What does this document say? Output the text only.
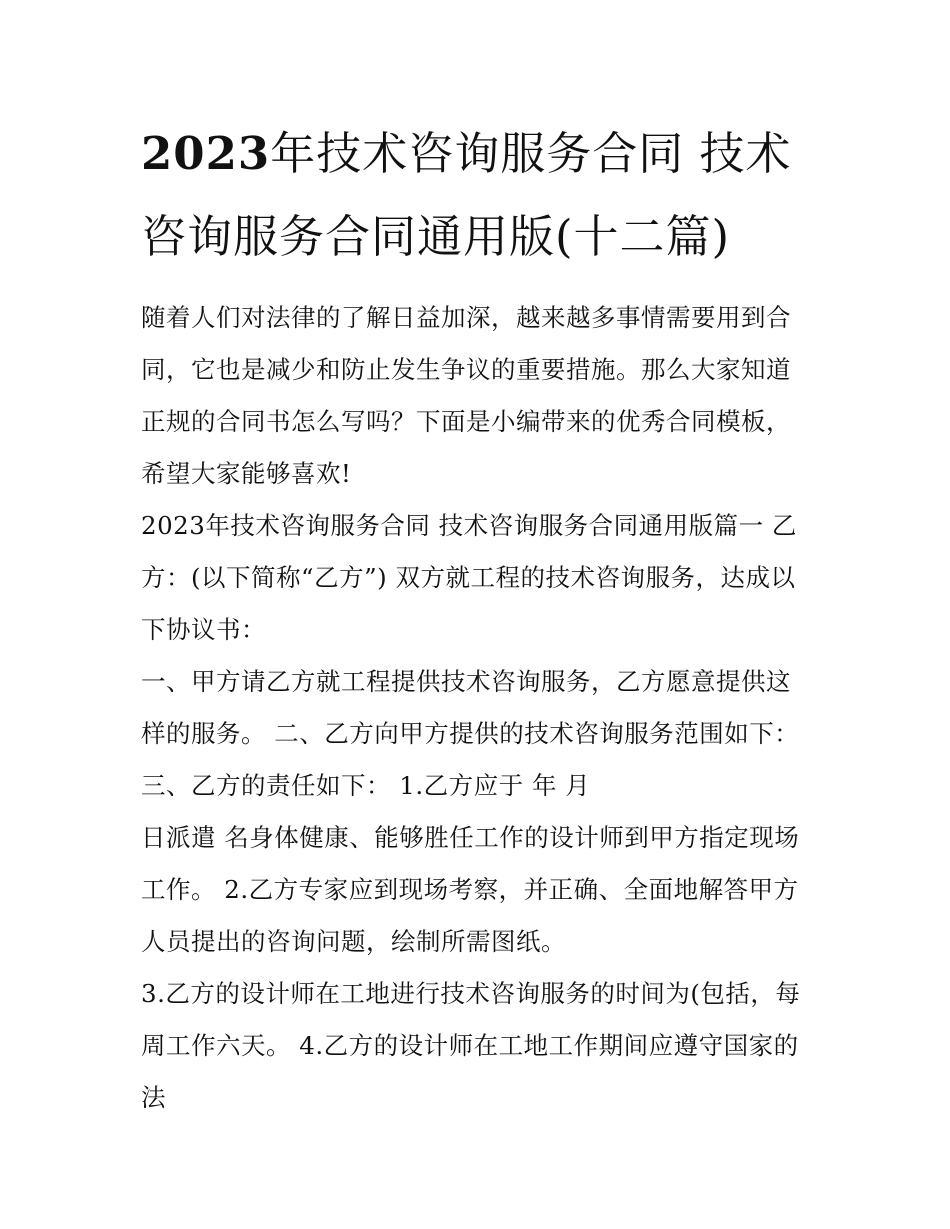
2023年技术咨询服务合同 技术咨询服务合同通用版(十二篇)

随着人们对法律的了解日益加深，越来越多事情需要用到合同，它也是减少和防止发生争议的重要措施。那么大家知道正规的合同书怎么写吗？下面是小编带来的优秀合同模板，希望大家能够喜欢!

2023年技术咨询服务合同 技术咨询服务合同通用版篇一 乙方：(以下简称“乙方”) 双方就工程的技术咨询服务，达成以下协议书：

一、甲方请乙方就工程提供技术咨询服务，乙方愿意提供这样的服务。 二、乙方向甲方提供的技术咨询服务范围如下：

三、乙方的责任如下： 1.乙方应于 年 月

日派遣 名身体健康、能够胜任工作的设计师到甲方指定现场工作。 2.乙方专家应到现场考察，并正确、全面地解答甲方人员提出的咨询问题，绘制所需图纸。

3.乙方的设计师在工地进行技术咨询服务的时间为(包括，每周工作六天。 4.乙方的设计师在工地工作期间应遵守国家的法
